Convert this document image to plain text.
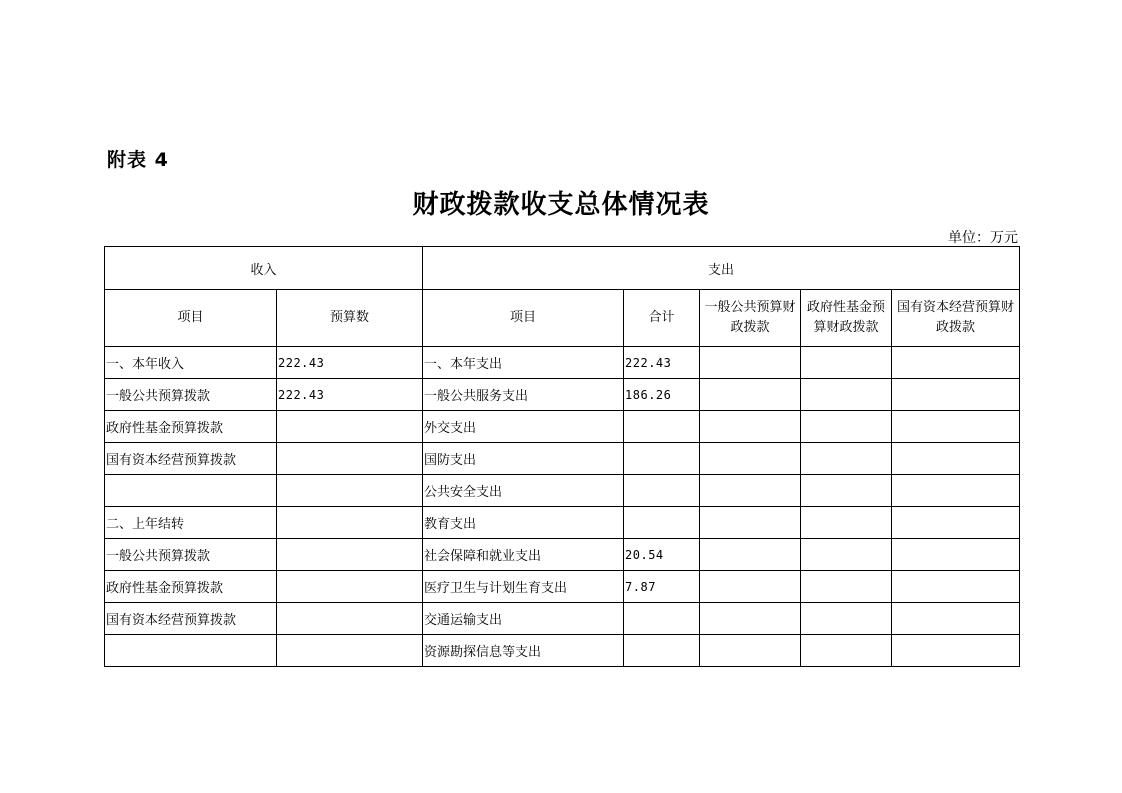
附表 4
财政拨款收支总体情况表
单位：万元
收入		支出				
项目	预算数	项目	合计	一般公共预算财政拨款	政府性基金预算财政拨款	国有资本经营预算财政拨款
一、本年收入	222.43	一、本年支出	222.43			
一般公共预算拨款	222.43	一般公共服务支出	186.26			
政府性基金预算拨款		外交支出				
国有资本经营预算拨款		国防支出				
		公共安全支出				
二、上年结转		教育支出				
一般公共预算拨款		社会保障和就业支出	20.54			
政府性基金预算拨款		医疗卫生与计划生育支出	7.87			
国有资本经营预算拨款		交通运输支出				
		资源勘探信息等支出				
